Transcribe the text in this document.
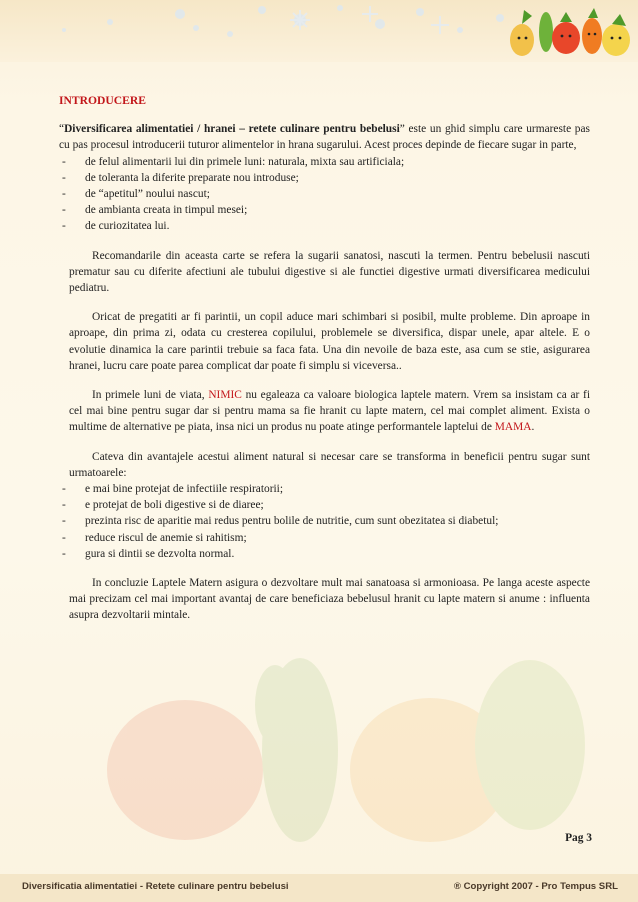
INTRODUCERE

“Diversificarea alimentatiei / hranei – retete culinare pentru bebelusi” este un ghid simplu care urmareste pas cu pas procesul introducerii tuturor alimentelor in hrana sugarului. Acest proces depinde de fiecare sugar in parte,

- de felul alimentarii lui din primele luni: naturala, mixta sau artificiala;
- de toleranta la diferite preparate nou introduse;
- de “apetitul” noului nascut;
- de ambianta creata in timpul mesei;
- de curiozitatea lui.

Recomandarile din aceasta carte se refera la sugarii sanatosi, nascuti la termen. Pentru bebelusii nascuti prematur sau cu diferite afectiuni ale tubului digestive si ale functiei digestive urmati diversificarea medicului pediatru.

Oricat de pregatiti ar fi parintii, un copil aduce mari schimbari si posibil, multe probleme. Din aproape in aproape, din prima zi, odata cu cresterea copilului, problemele se diversifica, dispar unele, apar altele. E o evolutie dinamica la care parintii trebuie sa faca fata. Una din nevoile de baza este, asa cum se stie, asigurarea hranei, lucru care poate parea complicat dar poate fi simplu si viceversa..

In primele luni de viata, NIMIC nu egaleaza ca valoare biologica laptele matern. Vrem sa insistam ca ar fi cel mai bine pentru sugar dar si pentru mama sa fie hranit cu lapte matern, cel mai complet aliment. Exista o multime de alternative pe piata, insa nici un produs nu poate atinge performantele laptelui de MAMA.

Cateva din avantajele acestui aliment natural si necesar care se transforma in beneficii pentru sugar sunt urmatoarele:

- e mai bine protejat de infectiile respiratorii;
- e protejat de boli digestive si de diaree;
- prezinta risc de aparitie mai redus pentru bolile de nutritie, cum sunt obezitatea si diabetul;
- reduce riscul de anemie si rahitism;
- gura si dintii se dezvolta normal.

In concluzie Laptele Matern asigura o dezvoltare mult mai sanatoasa si armonioasa. Pe langa aceste aspecte mai precizam cel mai important avantaj de care beneficiaza bebelusul hranit cu lapte matern si anume : influenta asupra dezvoltarii mintale.

Pag 3
Diversificatia alimentatiei - Retete culinare pentru bebelusi	® Copyright 2007 - Pro Tempus SRL
